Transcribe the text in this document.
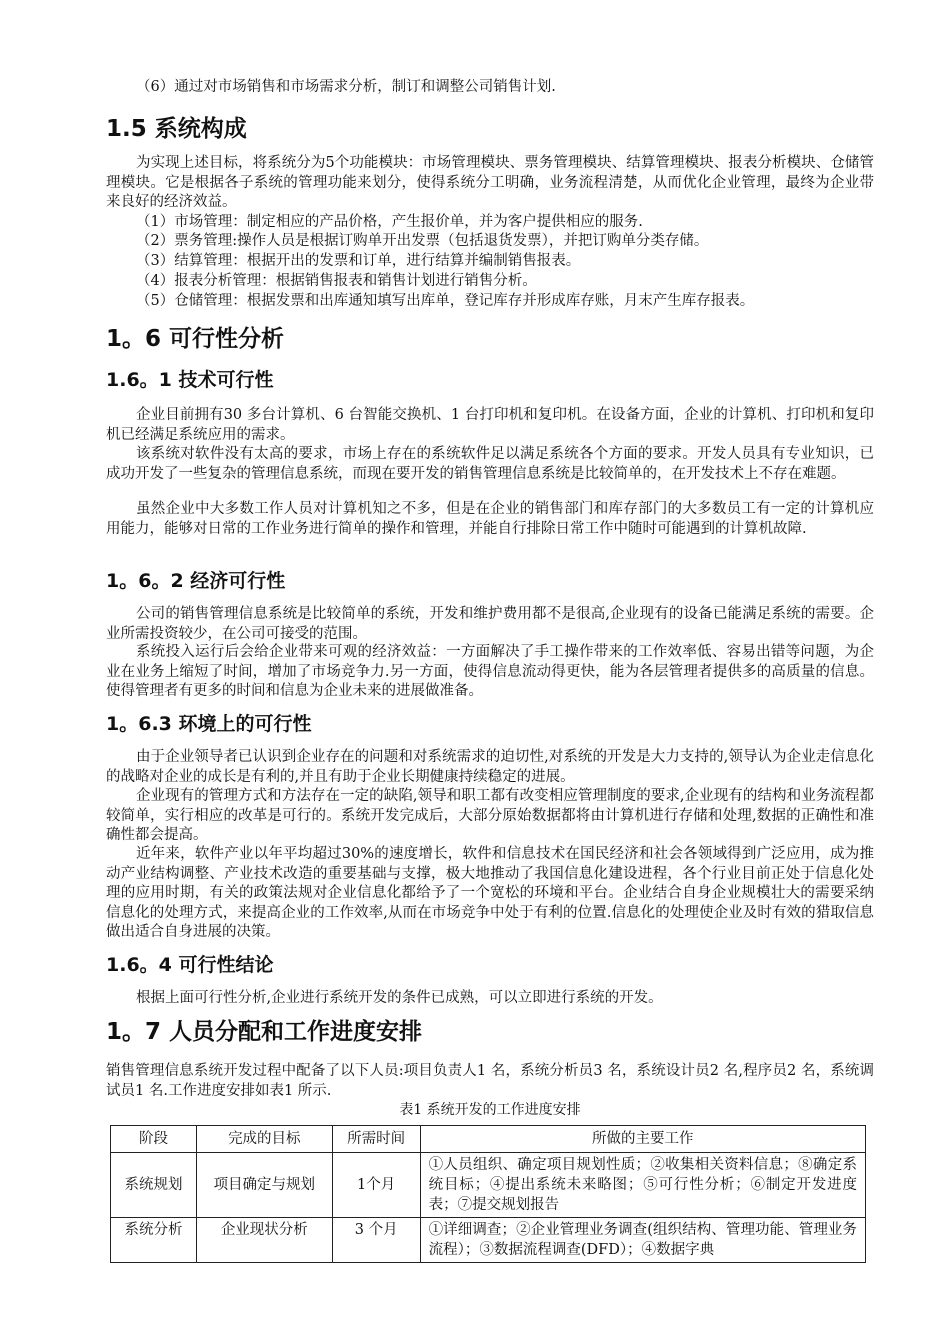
（6）通过对市场销售和市场需求分析，制订和调整公司销售计划.

1.5 系统构成

为实现上述目标，将系统分为5个功能模块：市场管理模块、票务管理模块、结算管理模块、报表分析模块、仓储管理模块。它是根据各子系统的管理功能来划分，使得系统分工明确，业务流程清楚，从而优化企业管理，最终为企业带来良好的经济效益。

（1）市场管理：制定相应的产品价格，产生报价单，并为客户提供相应的服务.

（2）票务管理:操作人员是根据订购单开出发票（包括退货发票），并把订购单分类存储。

（3）结算管理：根据开出的发票和订单，进行结算并编制销售报表。

（4）报表分析管理：根据销售报表和销售计划进行销售分析。

（5）仓储管理：根据发票和出库通知填写出库单，登记库存并形成库存账，月末产生库存报表。

1。6 可行性分析
1.6。1 技术可行性

企业目前拥有30 多台计算机、6 台智能交换机、1 台打印机和复印机。在设备方面，企业的计算机、打印机和复印机已经满足系统应用的需求。

该系统对软件没有太高的要求，市场上存在的系统软件足以满足系统各个方面的要求。开发人员具有专业知识，已成功开发了一些复杂的管理信息系统，而现在要开发的销售管理信息系统是比较简单的，在开发技术上不存在难题。

虽然企业中大多数工作人员对计算机知之不多，但是在企业的销售部门和库存部门的大多数员工有一定的计算机应用能力，能够对日常的工作业务进行简单的操作和管理，并能自行排除日常工作中随时可能遇到的计算机故障.

1。6。2 经济可行性

公司的销售管理信息系统是比较简单的系统，开发和维护费用都不是很高,企业现有的设备已能满足系统的需要。企业所需投资较少，在公司可接受的范围。

系统投入运行后会给企业带来可观的经济效益：一方面解决了手工操作带来的工作效率低、容易出错等问题，为企业在业务上缩短了时间，增加了市场竞争力.另一方面，使得信息流动得更快，能为各层管理者提供多的高质量的信息。使得管理者有更多的时间和信息为企业未来的进展做准备。

1。6.3 环境上的可行性

由于企业领导者已认识到企业存在的问题和对系统需求的迫切性,对系统的开发是大力支持的,领导认为企业走信息化的战略对企业的成长是有利的,并且有助于企业长期健康持续稳定的进展。

企业现有的管理方式和方法存在一定的缺陷,领导和职工都有改变相应管理制度的要求,企业现有的结构和业务流程都较简单，实行相应的改革是可行的。系统开发完成后，大部分原始数据都将由计算机进行存储和处理,数据的正确性和准确性都会提高。

近年来，软件产业以年平均超过30%的速度增长，软件和信息技术在国民经济和社会各领域得到广泛应用，成为推动产业结构调整、产业技术改造的重要基础与支撑，极大地推动了我国信息化建设进程，各个行业目前正处于信息化处理的应用时期，有关的政策法规对企业信息化都给予了一个宽松的环境和平台。企业结合自身企业规模壮大的需要采纳信息化的处理方式，来提高企业的工作效率,从而在市场竞争中处于有利的位置.信息化的处理使企业及时有效的猎取信息做出适合自身进展的决策。

1.6。4 可行性结论

根据上面可行性分析,企业进行系统开发的条件已成熟，可以立即进行系统的开发。

1。7 人员分配和工作进度安排

销售管理信息系统开发过程中配备了以下人员:项目负责人1 名，系统分析员3 名，系统设计员2 名,程序员2 名，系统调试员1 名.工作进度安排如表1 所示.

表1 系统开发的工作进度安排

阶段	完成的目标	所需时间	所做的主要工作
系统规划	项目确定与规划	1个月	①人员组织、确定项目规划性质；②收集相关资料信息；⑧确定系统目标；④提出系统未来略图；⑤可行性分析；⑥制定开发进度表；⑦提交规划报告
系统分析	企业现状分析	3 个月	①详细调查；②企业管理业务调查(组织结构、管理功能、管理业务流程）；③数据流程调查(DFD）；④数据字典
